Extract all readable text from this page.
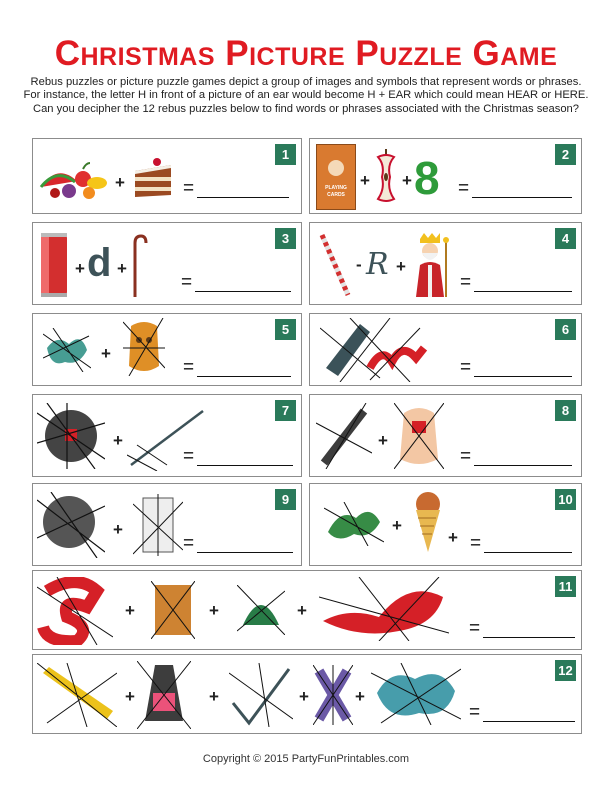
Christmas Picture Puzzle Game
Rebus puzzles or picture puzzle games depict a group of images and symbols that represent words or phrases.
For instance, the letter H in front of a picture of an ear would become H + EAR which could mean HEAR or HERE.
Can you decipher the 12 rebus puzzles below to find words or phrases associated with the Christmas season?
1
+	=
2
PLAYING
CARDS
+ + 8 =
3
+ d +
=
4
- R +
=
5
+
=
6
=
7
+
=
8
+
=
9
+
=
10
+
+ =
11
+	+	+
=
12
+	+	+	+
=
Copyright © 2015 PartyFunPrintables.com
